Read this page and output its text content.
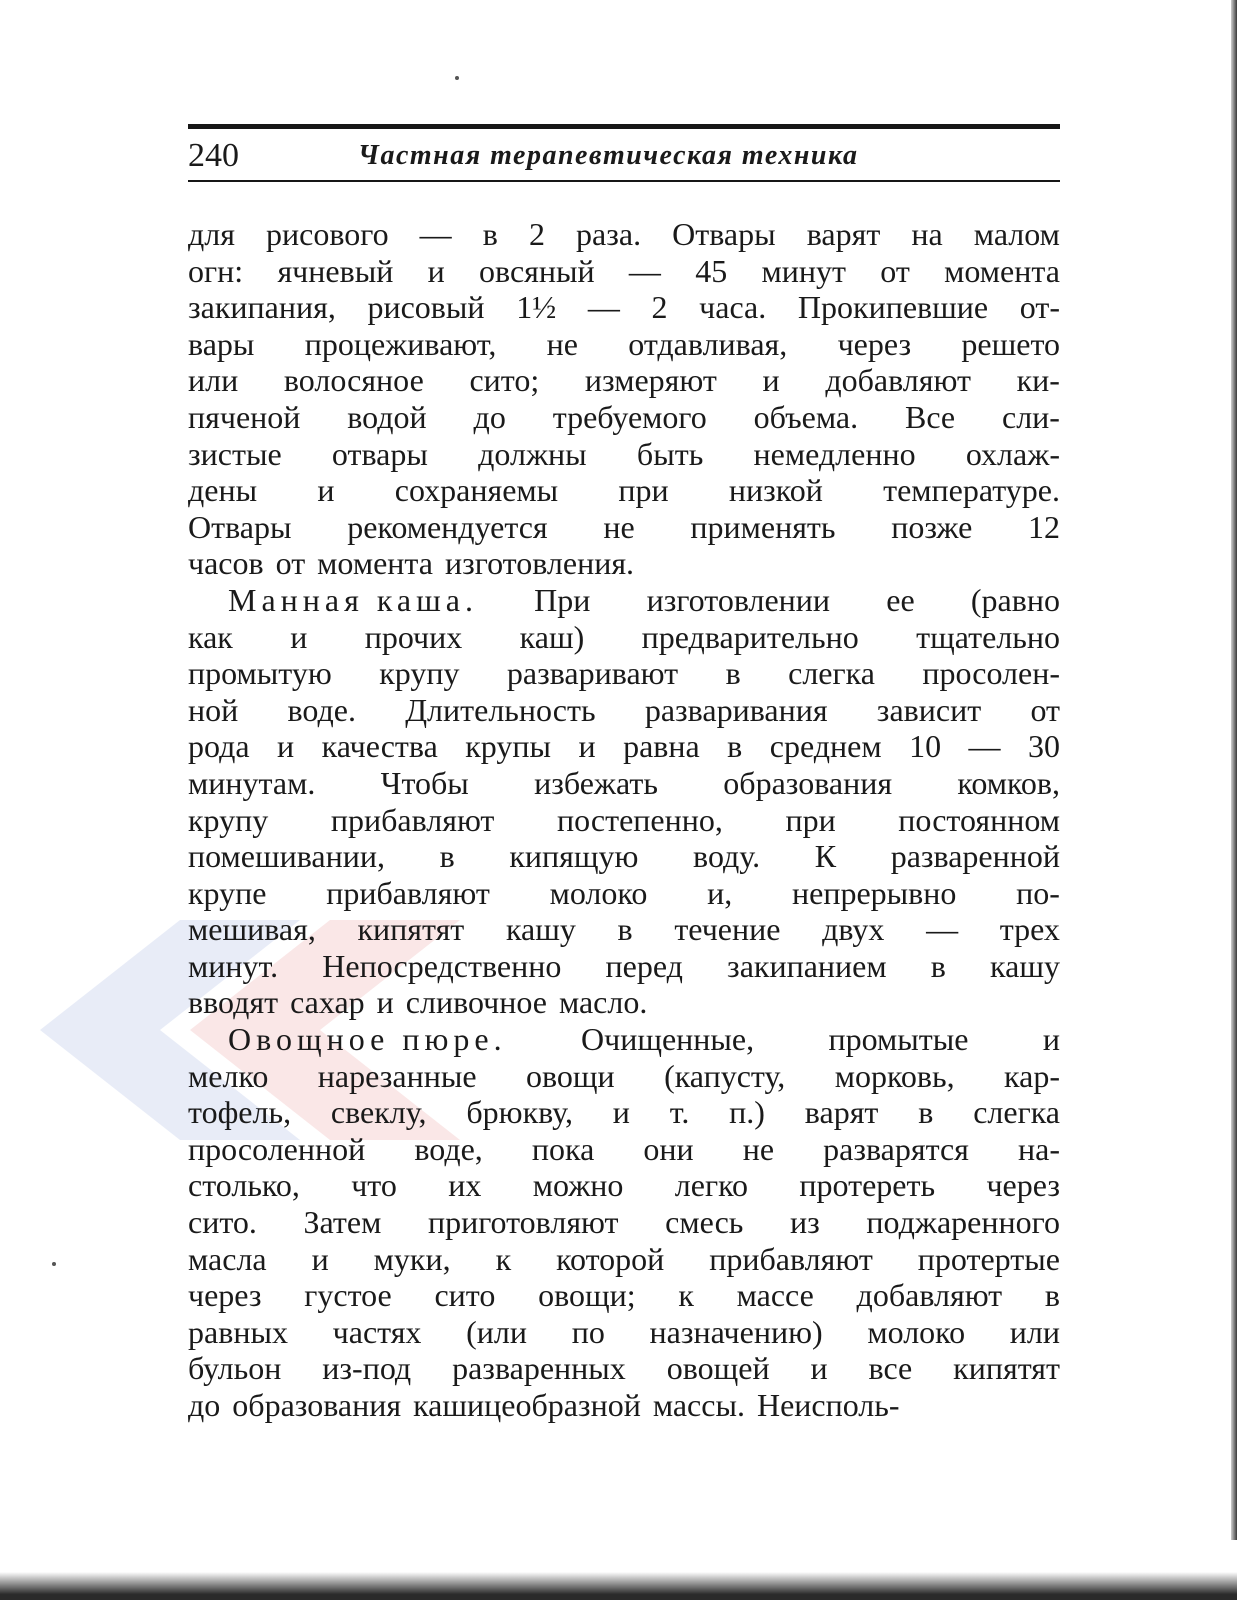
240	Частная терапевтическая техника
для рисового — в 2 раза. Отвары варят на малом
огн: ячневый и овсяный — 45 минут от момента
закипания, рисовый 1½ — 2 часа. Прокипевшие от-
вары процеживают, не отдавливая, через решето
или волосяное сито; измеряют и добавляют ки-
пяченой водой до требуемого объема. Все сли-
зистые отвары должны быть немедленно охлаж-
дены и сохраняемы при низкой температуре.
Отвары рекомендуется не применять позже 12
часов от момента изготовления.
Манная каша. При изготовлении ее (равно
как и прочих каш) предварительно тщательно
промытую крупу разваривают в слегка просолен-
ной воде. Длительность разваривания зависит от
рода и качества крупы и равна в среднем 10 — 30
минутам. Чтобы избежать образования комков,
крупу прибавляют постепенно, при постоянном
помешивании, в кипящую воду. К разваренной
крупе прибавляют молоко и, непрерывно по-
мешивая, кипятят кашу в течение двух — трех
минут. Непосредственно перед закипанием в кашу
вводят сахар и сливочное масло.
Овощное пюре. Очищенные, промытые и
мелко нарезанные овощи (капусту, морковь, кар-
тофель, свеклу, брюкву, и т. п.) варят в слегка
просоленной воде, пока они не разварятся на-
столько, что их можно легко протереть через
сито. Затем приготовляют смесь из поджаренного
масла и муки, к которой прибавляют протертые
через густое сито овощи; к массе добавляют в
равных частях (или по назначению) молоко или
бульон из-под разваренных овощей и все кипятят
до образования кашицеобразной массы. Неисполь-
